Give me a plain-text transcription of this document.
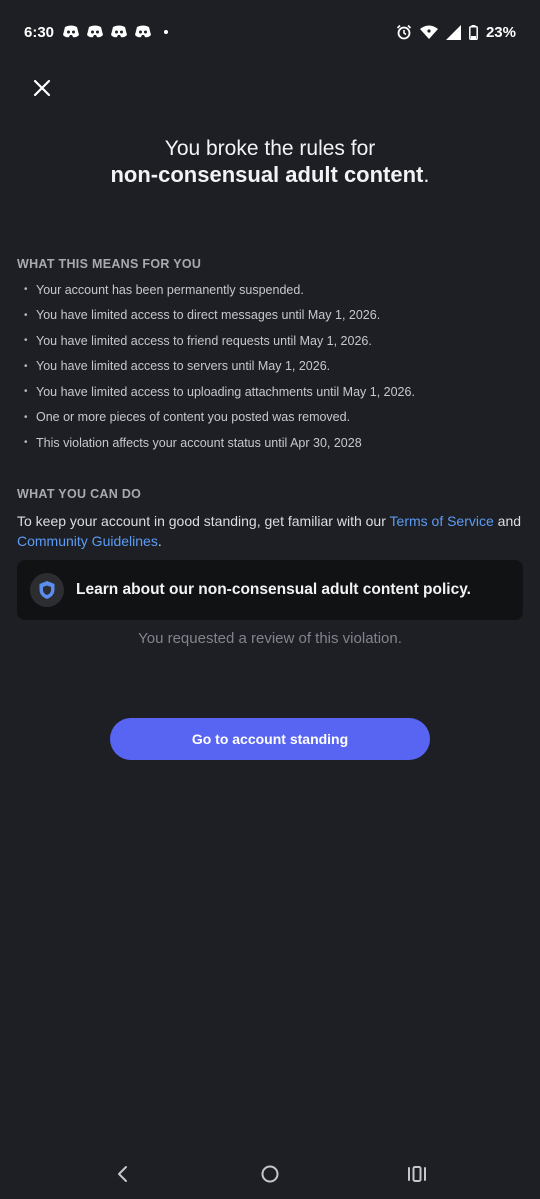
6:30	23%
You broke the rules for
non-consensual adult content.
WHAT THIS MEANS FOR YOU
• Your account has been permanently suspended.
• You have limited access to direct messages until May 1, 2026.
• You have limited access to friend requests until May 1, 2026.
• You have limited access to servers until May 1, 2026.
• You have limited access to uploading attachments until May 1, 2026.
• One or more pieces of content you posted was removed.
• This violation affects your account status until Apr 30, 2028
WHAT YOU CAN DO
To keep your account in good standing, get familiar with our Terms of Service and Community Guidelines.
Learn about our non-consensual adult content policy.
You requested a review of this violation.
Go to account standing
